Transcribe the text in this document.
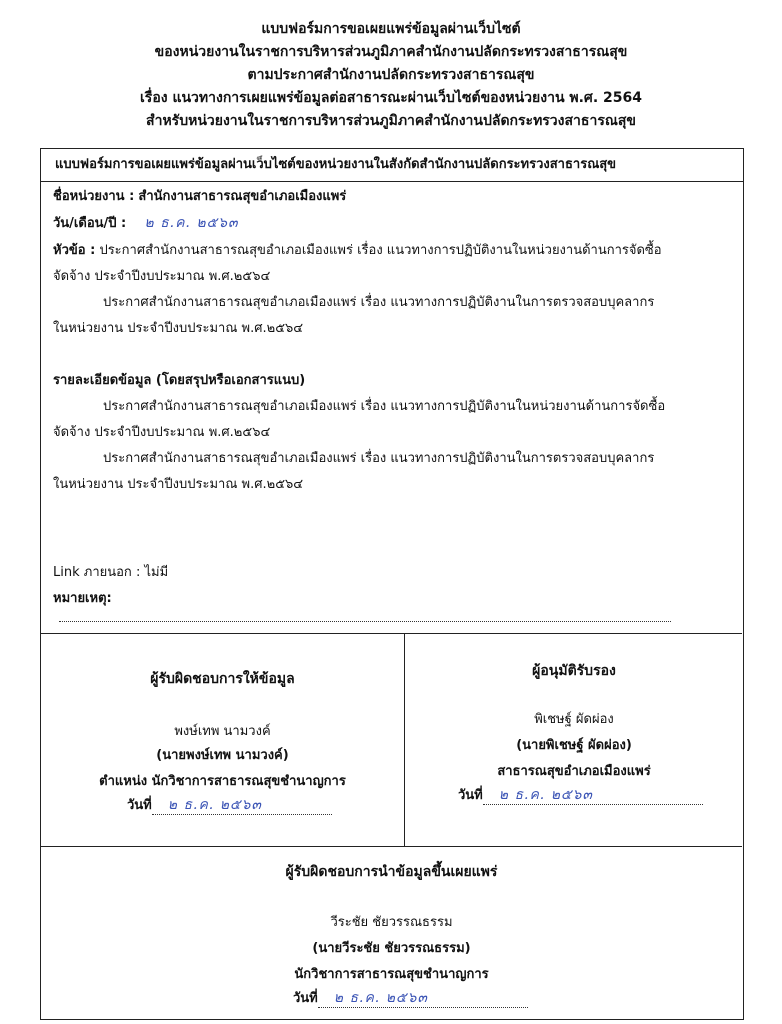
แบบฟอร์มการขอเผยแพร่ข้อมูลผ่านเว็บไซต์
ของหน่วยงานในราชการบริหารส่วนภูมิภาคสำนักงานปลัดกระทรวงสาธารณสุข
ตามประกาศสำนักงานปลัดกระทรวงสาธารณสุข
เรื่อง แนวทางการเผยแพร่ข้อมูลต่อสาธารณะผ่านเว็บไซต์ของหน่วยงาน พ.ศ. 2564
สำหรับหน่วยงานในราชการบริหารส่วนภูมิภาคสำนักงานปลัดกระทรวงสาธารณสุข
แบบฟอร์มการขอเผยแพร่ข้อมูลผ่านเว็บไซต์ของหน่วยงานในสังกัดสำนักงานปลัดกระทรวงสาธารณสุข
ชื่อหน่วยงาน : สำนักงานสาธารณสุขอำเภอเมืองแพร่
วัน/เดือน/ปี : ๒ ธ.ค. ๒๕๖๓
หัวข้อ : ประกาศสำนักงานสาธารณสุขอำเภอเมืองแพร่ เรื่อง แนวทางการปฏิบัติงานในหน่วยงานด้านการจัดซื้อ
จัดจ้าง ประจำปีงบประมาณ พ.ศ.๒๕๖๔
ประกาศสำนักงานสาธารณสุขอำเภอเมืองแพร่ เรื่อง แนวทางการปฏิบัติงานในการตรวจสอบบุคลากร
ในหน่วยงาน ประจำปีงบประมาณ พ.ศ.๒๕๖๔
รายละเอียดข้อมูล (โดยสรุปหรือเอกสารแนบ)
ประกาศสำนักงานสาธารณสุขอำเภอเมืองแพร่ เรื่อง แนวทางการปฏิบัติงานในหน่วยงานด้านการจัดซื้อ
จัดจ้าง ประจำปีงบประมาณ พ.ศ.๒๕๖๔
ประกาศสำนักงานสาธารณสุขอำเภอเมืองแพร่ เรื่อง แนวทางการปฏิบัติงานในการตรวจสอบบุคลากร
ในหน่วยงาน ประจำปีงบประมาณ พ.ศ.๒๕๖๔
Link ภายนอก : ไม่มี
หมายเหตุ:
ผู้รับผิดชอบการให้ข้อมูล
พงษ์เทพ นามวงค์
(นายพงษ์เทพ นามวงค์)
ตำแหน่ง นักวิชาการสาธารณสุขชำนาญการ
วันที่ ๒ ธ.ค. ๒๕๖๓
ผู้อนุมัติรับรอง
พิเชษฐ์ ผัดผ่อง
(นายพิเชษฐ์ ผัดผ่อง)
สาธารณสุขอำเภอเมืองแพร่
วันที่ ๒ ธ.ค. ๒๕๖๓
ผู้รับผิดชอบการนำข้อมูลขึ้นเผยแพร่
วีระชัย ชัยวรรณธรรม
(นายวีระชัย ชัยวรรณธรรม)
นักวิชาการสาธารณสุขชำนาญการ
วันที่ ๒ ธ.ค. ๒๕๖๓
